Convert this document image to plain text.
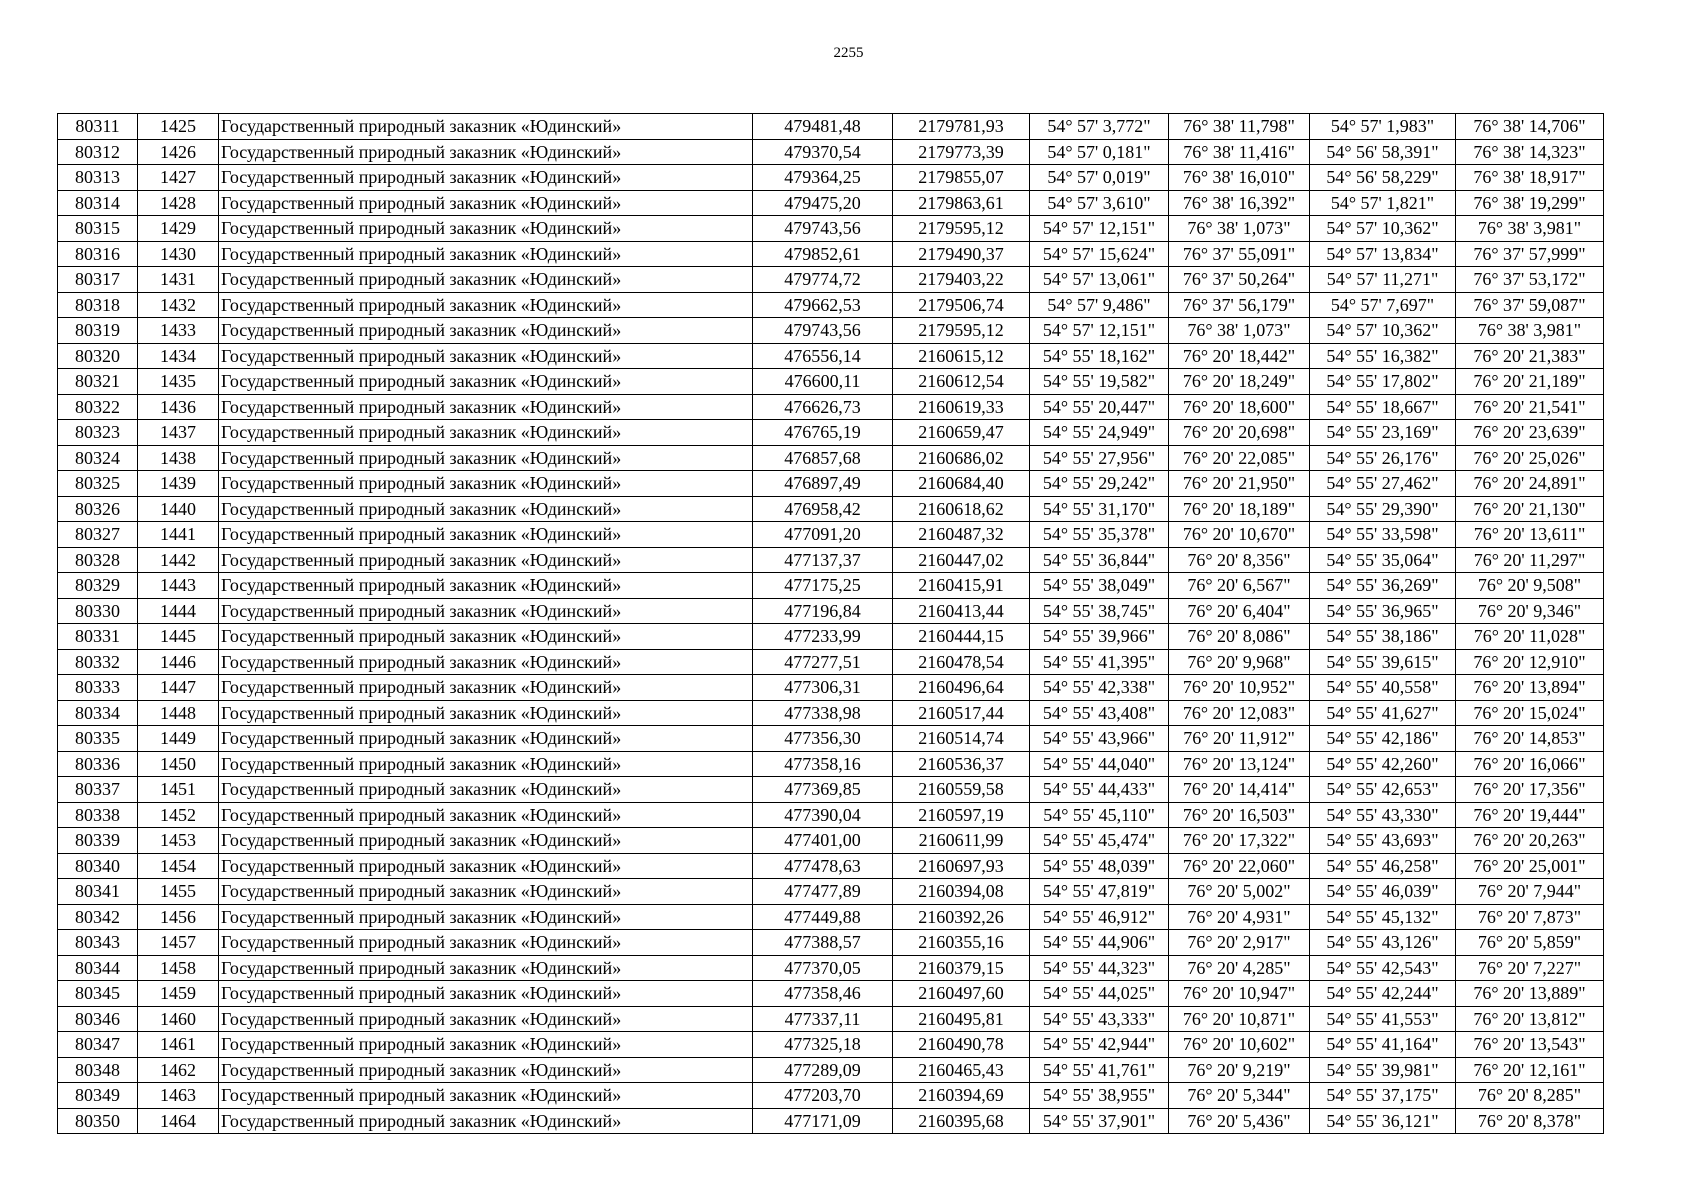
2255
80311	1425	Государственный природный заказник «Юдинский»	479481,48	2179781,93	54° 57' 3,772"	76° 38' 11,798"	54° 57' 1,983"	76° 38' 14,706"
80312	1426	Государственный природный заказник «Юдинский»	479370,54	2179773,39	54° 57' 0,181"	76° 38' 11,416"	54° 56' 58,391"	76° 38' 14,323"
80313	1427	Государственный природный заказник «Юдинский»	479364,25	2179855,07	54° 57' 0,019"	76° 38' 16,010"	54° 56' 58,229"	76° 38' 18,917"
80314	1428	Государственный природный заказник «Юдинский»	479475,20	2179863,61	54° 57' 3,610"	76° 38' 16,392"	54° 57' 1,821"	76° 38' 19,299"
80315	1429	Государственный природный заказник «Юдинский»	479743,56	2179595,12	54° 57' 12,151"	76° 38' 1,073"	54° 57' 10,362"	76° 38' 3,981"
80316	1430	Государственный природный заказник «Юдинский»	479852,61	2179490,37	54° 57' 15,624"	76° 37' 55,091"	54° 57' 13,834"	76° 37' 57,999"
80317	1431	Государственный природный заказник «Юдинский»	479774,72	2179403,22	54° 57' 13,061"	76° 37' 50,264"	54° 57' 11,271"	76° 37' 53,172"
80318	1432	Государственный природный заказник «Юдинский»	479662,53	2179506,74	54° 57' 9,486"	76° 37' 56,179"	54° 57' 7,697"	76° 37' 59,087"
80319	1433	Государственный природный заказник «Юдинский»	479743,56	2179595,12	54° 57' 12,151"	76° 38' 1,073"	54° 57' 10,362"	76° 38' 3,981"
80320	1434	Государственный природный заказник «Юдинский»	476556,14	2160615,12	54° 55' 18,162"	76° 20' 18,442"	54° 55' 16,382"	76° 20' 21,383"
80321	1435	Государственный природный заказник «Юдинский»	476600,11	2160612,54	54° 55' 19,582"	76° 20' 18,249"	54° 55' 17,802"	76° 20' 21,189"
80322	1436	Государственный природный заказник «Юдинский»	476626,73	2160619,33	54° 55' 20,447"	76° 20' 18,600"	54° 55' 18,667"	76° 20' 21,541"
80323	1437	Государственный природный заказник «Юдинский»	476765,19	2160659,47	54° 55' 24,949"	76° 20' 20,698"	54° 55' 23,169"	76° 20' 23,639"
80324	1438	Государственный природный заказник «Юдинский»	476857,68	2160686,02	54° 55' 27,956"	76° 20' 22,085"	54° 55' 26,176"	76° 20' 25,026"
80325	1439	Государственный природный заказник «Юдинский»	476897,49	2160684,40	54° 55' 29,242"	76° 20' 21,950"	54° 55' 27,462"	76° 20' 24,891"
80326	1440	Государственный природный заказник «Юдинский»	476958,42	2160618,62	54° 55' 31,170"	76° 20' 18,189"	54° 55' 29,390"	76° 20' 21,130"
80327	1441	Государственный природный заказник «Юдинский»	477091,20	2160487,32	54° 55' 35,378"	76° 20' 10,670"	54° 55' 33,598"	76° 20' 13,611"
80328	1442	Государственный природный заказник «Юдинский»	477137,37	2160447,02	54° 55' 36,844"	76° 20' 8,356"	54° 55' 35,064"	76° 20' 11,297"
80329	1443	Государственный природный заказник «Юдинский»	477175,25	2160415,91	54° 55' 38,049"	76° 20' 6,567"	54° 55' 36,269"	76° 20' 9,508"
80330	1444	Государственный природный заказник «Юдинский»	477196,84	2160413,44	54° 55' 38,745"	76° 20' 6,404"	54° 55' 36,965"	76° 20' 9,346"
80331	1445	Государственный природный заказник «Юдинский»	477233,99	2160444,15	54° 55' 39,966"	76° 20' 8,086"	54° 55' 38,186"	76° 20' 11,028"
80332	1446	Государственный природный заказник «Юдинский»	477277,51	2160478,54	54° 55' 41,395"	76° 20' 9,968"	54° 55' 39,615"	76° 20' 12,910"
80333	1447	Государственный природный заказник «Юдинский»	477306,31	2160496,64	54° 55' 42,338"	76° 20' 10,952"	54° 55' 40,558"	76° 20' 13,894"
80334	1448	Государственный природный заказник «Юдинский»	477338,98	2160517,44	54° 55' 43,408"	76° 20' 12,083"	54° 55' 41,627"	76° 20' 15,024"
80335	1449	Государственный природный заказник «Юдинский»	477356,30	2160514,74	54° 55' 43,966"	76° 20' 11,912"	54° 55' 42,186"	76° 20' 14,853"
80336	1450	Государственный природный заказник «Юдинский»	477358,16	2160536,37	54° 55' 44,040"	76° 20' 13,124"	54° 55' 42,260"	76° 20' 16,066"
80337	1451	Государственный природный заказник «Юдинский»	477369,85	2160559,58	54° 55' 44,433"	76° 20' 14,414"	54° 55' 42,653"	76° 20' 17,356"
80338	1452	Государственный природный заказник «Юдинский»	477390,04	2160597,19	54° 55' 45,110"	76° 20' 16,503"	54° 55' 43,330"	76° 20' 19,444"
80339	1453	Государственный природный заказник «Юдинский»	477401,00	2160611,99	54° 55' 45,474"	76° 20' 17,322"	54° 55' 43,693"	76° 20' 20,263"
80340	1454	Государственный природный заказник «Юдинский»	477478,63	2160697,93	54° 55' 48,039"	76° 20' 22,060"	54° 55' 46,258"	76° 20' 25,001"
80341	1455	Государственный природный заказник «Юдинский»	477477,89	2160394,08	54° 55' 47,819"	76° 20' 5,002"	54° 55' 46,039"	76° 20' 7,944"
80342	1456	Государственный природный заказник «Юдинский»	477449,88	2160392,26	54° 55' 46,912"	76° 20' 4,931"	54° 55' 45,132"	76° 20' 7,873"
80343	1457	Государственный природный заказник «Юдинский»	477388,57	2160355,16	54° 55' 44,906"	76° 20' 2,917"	54° 55' 43,126"	76° 20' 5,859"
80344	1458	Государственный природный заказник «Юдинский»	477370,05	2160379,15	54° 55' 44,323"	76° 20' 4,285"	54° 55' 42,543"	76° 20' 7,227"
80345	1459	Государственный природный заказник «Юдинский»	477358,46	2160497,60	54° 55' 44,025"	76° 20' 10,947"	54° 55' 42,244"	76° 20' 13,889"
80346	1460	Государственный природный заказник «Юдинский»	477337,11	2160495,81	54° 55' 43,333"	76° 20' 10,871"	54° 55' 41,553"	76° 20' 13,812"
80347	1461	Государственный природный заказник «Юдинский»	477325,18	2160490,78	54° 55' 42,944"	76° 20' 10,602"	54° 55' 41,164"	76° 20' 13,543"
80348	1462	Государственный природный заказник «Юдинский»	477289,09	2160465,43	54° 55' 41,761"	76° 20' 9,219"	54° 55' 39,981"	76° 20' 12,161"
80349	1463	Государственный природный заказник «Юдинский»	477203,70	2160394,69	54° 55' 38,955"	76° 20' 5,344"	54° 55' 37,175"	76° 20' 8,285"
80350	1464	Государственный природный заказник «Юдинский»	477171,09	2160395,68	54° 55' 37,901"	76° 20' 5,436"	54° 55' 36,121"	76° 20' 8,378"
